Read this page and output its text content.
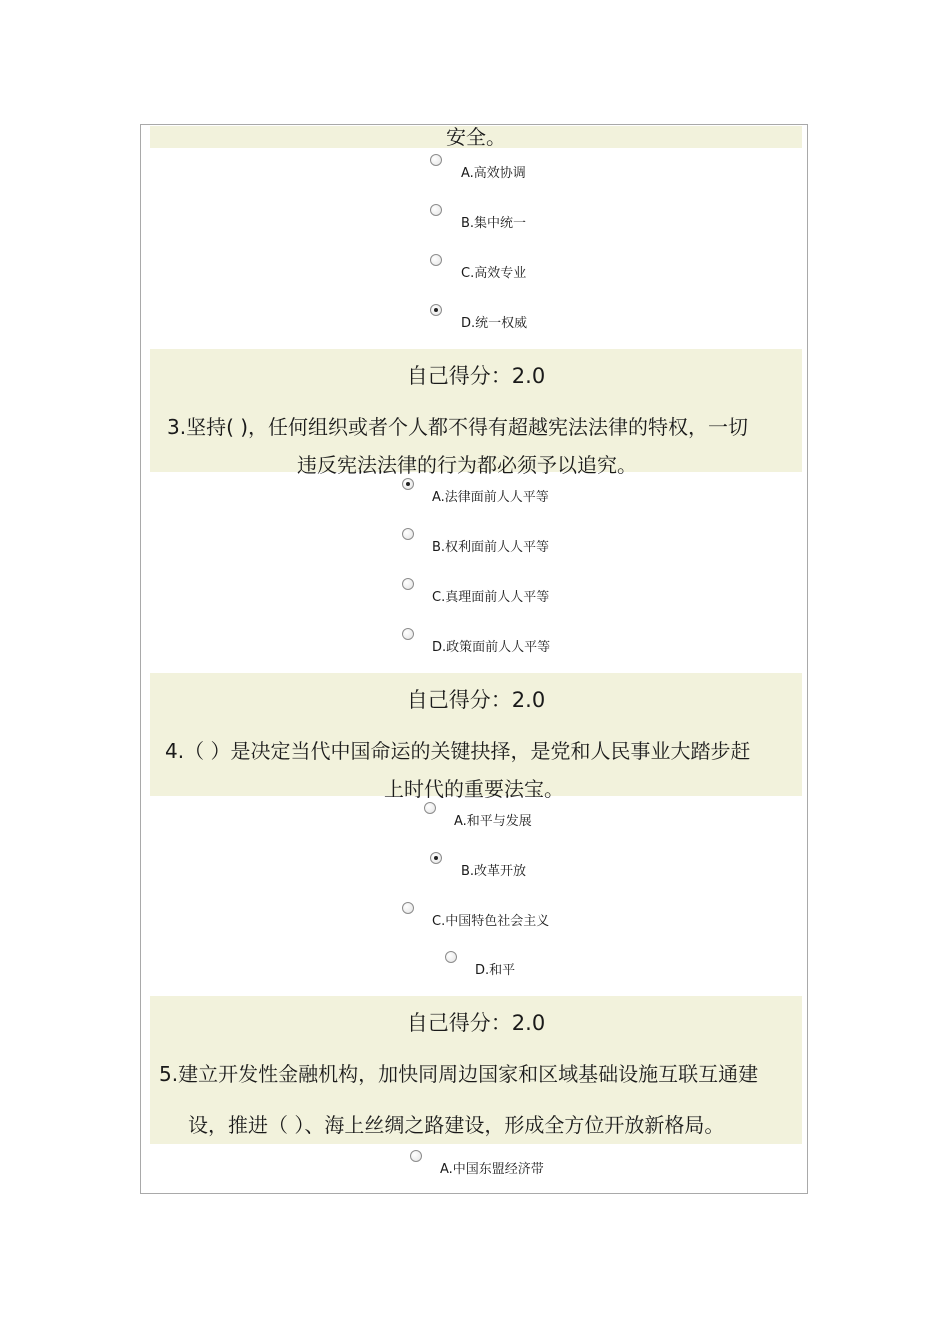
安全。
A.高效协调
B.集中统一
C.高效专业
D.统一权威
自己得分：2.0
3.坚持( )，任何组织或者个人都不得有超越宪法法律的特权，一切
违反宪法法律的行为都必须予以追究。
A.法律面前人人平等
B.权利面前人人平等
C.真理面前人人平等
D.政策面前人人平等
自己得分：2.0
4.（ ）是决定当代中国命运的关键抉择，是党和人民事业大踏步赶
上时代的重要法宝。
A.和平与发展
B.改革开放
C.中国特色社会主义
D.和平
自己得分：2.0
5.建立开发性金融机构，加快同周边国家和区域基础设施互联互通建
设，推进（ ）、海上丝绸之路建设，形成全方位开放新格局。
A.中国东盟经济带
